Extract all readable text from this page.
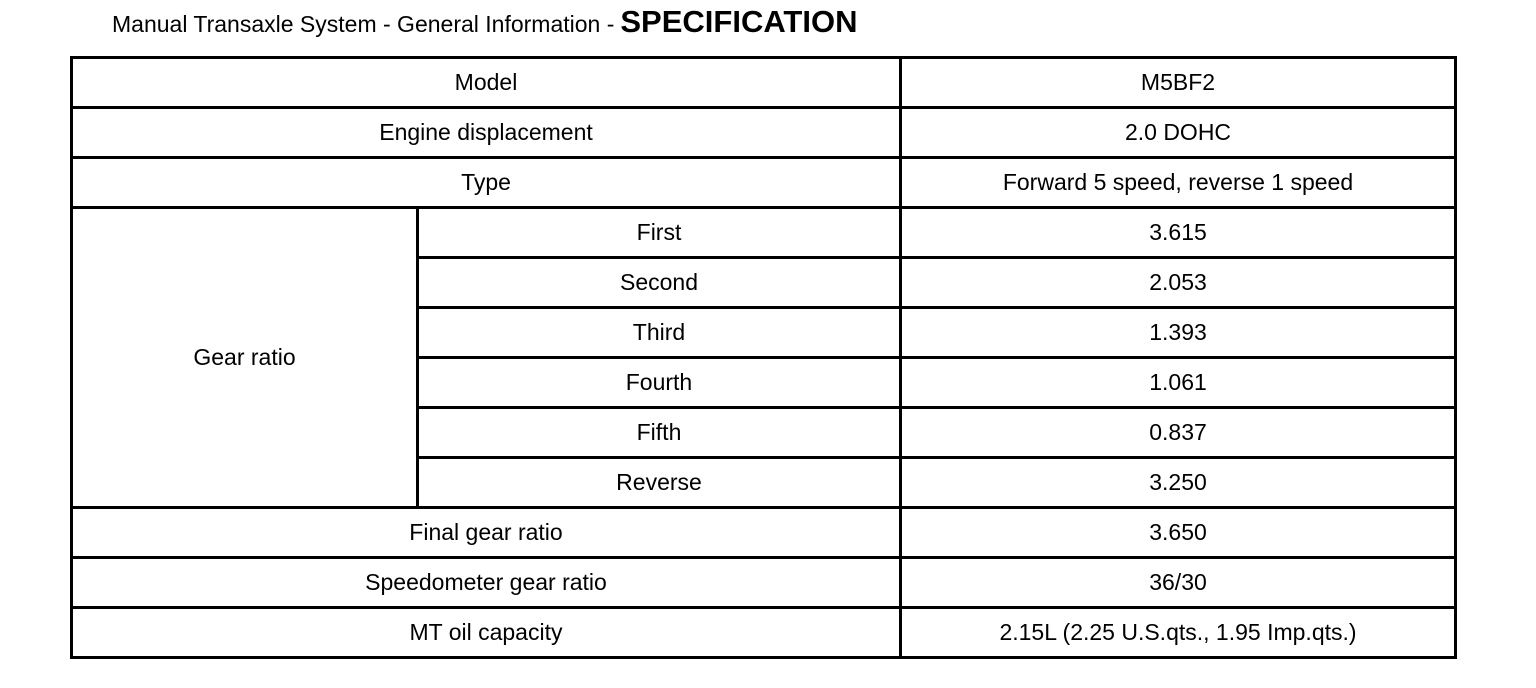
Manual Transaxle System - General Information - SPECIFICATION
Model		M5BF2
Engine displacement		2.0 DOHC
Type		Forward 5 speed, reverse 1 speed
Gear ratio	First	3.615
	Second	2.053
	Third	1.393
	Fourth	1.061
	Fifth	0.837
	Reverse	3.250
Final gear ratio		3.650
Speedometer gear ratio		36/30
MT oil capacity		2.15L (2.25 U.S.qts., 1.95 Imp.qts.)
